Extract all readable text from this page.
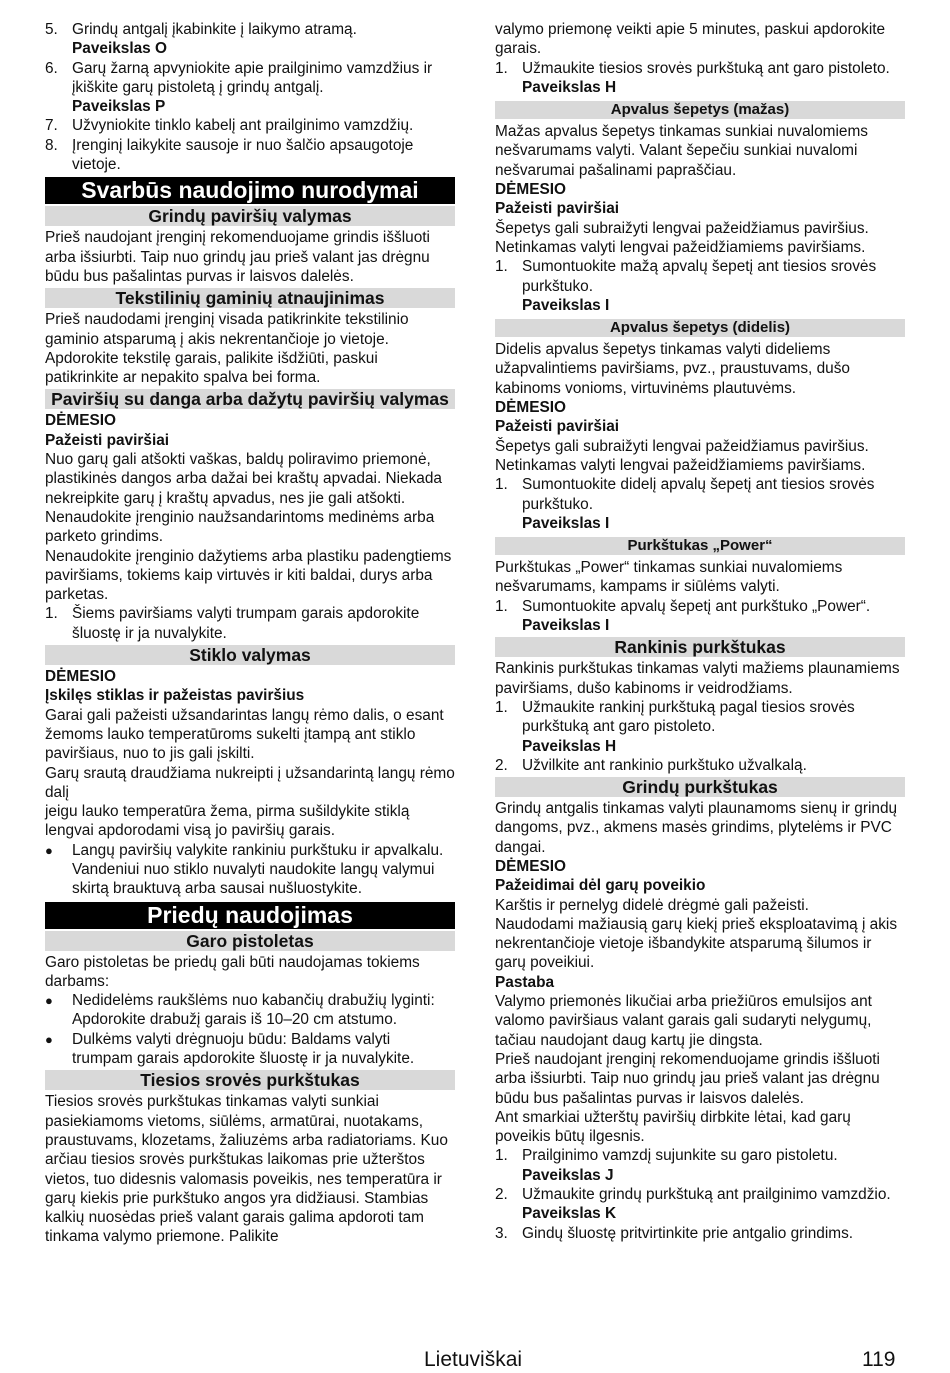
5. Grindų antgalį įkabinkite į laikymo atramą.
Paveikslas O
6. Garų žarną apvyniokite apie prailginimo vamzdžius ir įkiškite garų pistoletą į grindų antgalį.
Paveikslas P
7. Užvyniokite tinklo kabelį ant prailginimo vamzdžių.
8. Įrenginį laikykite sausoje ir nuo šalčio apsaugotoje vietoje.
Svarbūs naudojimo nurodymai
Grindų paviršių valymas

Prieš naudojant įrenginį rekomenduojame grindis iššluoti arba išsiurbti. Taip nuo grindų jau prieš valant jas drėgnu būdu bus pašalintas purvas ir laisvos dalelės.

Tekstilinių gaminių atnaujinimas

Prieš naudodami įrenginį visada patikrinkite tekstilinio gaminio atsparumą į akis nekrentančioje jo vietoje. Apdorokite tekstilę garais, palikite išdžiūti, paskui patikrinkite ar nepakito spalva bei forma.

Paviršių su danga arba dažytų paviršių valymas

DĖMESIO

Pažeisti paviršiai

Nuo garų gali atšokti vaškas, baldų poliravimo priemonė, plastikinės dangos arba dažai bei kraštų apvadai. Niekada nekreipkite garų į kraštų apvadus, nes jie gali atšokti.

Nenaudokite įrenginio naužsandarintoms medinėms arba parketo grindims.

Nenaudokite įrenginio dažytiems arba plastiku padengtiems paviršiams, tokiems kaip virtuvės ir kiti baldai, durys arba parketas.

1. Šiems paviršiams valyti trumpam garais apdorokite šluostę ir ja nuvalykite.
Stiklo valymas

DĖMESIO

Įskilęs stiklas ir pažeistas paviršius

Garai gali pažeisti užsandarintas langų rėmo dalis, o esant žemoms lauko temperatūroms sukelti įtampą ant stiklo paviršiaus, nuo to jis gali įskilti.

Garų srautą draudžiama nukreipti į užsandarintą langų rėmo dalį

jeigu lauko temperatūra žema, pirma sušildykite stiklą lengvai apdorodami visą jo paviršių garais.

●	Langų paviršių valykite rankiniu purkštuku ir apvalkalu. Vandeniui nuo stiklo nuvalyti naudokite langų valymui skirtą brauktuvą arba sausai nušluostykite.
Priedų naudojimas
Garo pistoletas

Garo pistoletas be priedų gali būti naudojamas tokiems darbams:

●	Nedidelėms raukšlėms nuo kabančių drabužių lyginti: Apdorokite drabužį garais iš 10–20 cm atstumo.
●	Dulkėms valyti drėgnuoju būdu: Baldams valyti trumpam garais apdorokite šluostę ir ja nuvalykite.
Tiesios srovės purkštukas

Tiesios srovės purkštukas tinkamas valyti sunkiai pasiekiamoms vietoms, siūlėms, armatūrai, nuotakams, praustuvams, klozetams, žaliuzėms arba radiatoriams. Kuo arčiau tiesios srovės purkštukas laikomas prie užterštos vietos, tuo didesnis valomasis poveikis, nes temperatūra ir garų kiekis prie purkštuko angos yra didžiausi. Stambias kalkių nuosėdas prieš valant garais galima apdoroti tam tinkama valymo priemone. Palikite

valymo priemonę veikti apie 5 minutes, paskui apdorokite garais.

1. Užmaukite tiesios srovės purkštuką ant garo pistoleto.
Paveikslas H
Apvalus šepetys (mažas)

Mažas apvalus šepetys tinkamas sunkiai nuvalomiems nešvarumams valyti. Valant šepečiu sunkiai nuvalomi nešvarumai pašalinami papraščiau.

DĖMESIO

Pažeisti paviršiai

Šepetys gali subraižyti lengvai pažeidžiamus paviršius. Netinkamas valyti lengvai pažeidžiamiems paviršiams.

1. Sumontuokite mažą apvalų šepetį ant tiesios srovės purkštuko.
Paveikslas I
Apvalus šepetys (didelis)

Didelis apvalus šepetys tinkamas valyti dideliems užapvalintiems paviršiams, pvz., praustuvams, dušo kabinoms vonioms, virtuvinėms plautuvėms.

DĖMESIO

Pažeisti paviršiai

Šepetys gali subraižyti lengvai pažeidžiamus paviršius. Netinkamas valyti lengvai pažeidžiamiems paviršiams.

1. Sumontuokite didelį apvalų šepetį ant tiesios srovės purkštuko.
Paveikslas I
Purkštukas „Power“

Purkštukas „Power“ tinkamas sunkiai nuvalomiems nešvarumams, kampams ir siūlėms valyti.

1. Sumontuokite apvalų šepetį ant purkštuko „Power“.
Paveikslas I
Rankinis purkštukas

Rankinis purkštukas tinkamas valyti mažiems plaunamiems paviršiams, dušo kabinoms ir veidrodžiams.

1. Užmaukite rankinį purkštuką pagal tiesios srovės purkštuką ant garo pistoleto.
Paveikslas H
2. Užvilkite ant rankinio purkštuko užvalkalą.
Grindų purkštukas

Grindų antgalis tinkamas valyti plaunamoms sienų ir grindų dangoms, pvz., akmens masės grindims, plytelėms ir PVC dangai.

DĖMESIO

Pažeidimai dėl garų poveikio

Karštis ir pernelyg didelė drėgmė gali pažeisti.

Naudodami mažiausią garų kiekį prieš eksploatavimą į akis nekrentančioje vietoje išbandykite atsparumą šilumos ir garų poveikiui.

Pastaba

Valymo priemonės likučiai arba priežiūros emulsijos ant valomo paviršiaus valant garais gali sudaryti nelygumų, tačiau naudojant daug kartų jie dingsta.

Prieš naudojant įrenginį rekomenduojame grindis iššluoti arba išsiurbti. Taip nuo grindų jau prieš valant jas drėgnu būdu bus pašalintas purvas ir laisvos dalelės.

Ant smarkiai užterštų paviršių dirbkite lėtai, kad garų poveikis būtų ilgesnis.

1. Prailginimo vamzdį sujunkite su garo pistoletu.
Paveikslas J
2. Užmaukite grindų purkštuką ant prailginimo vamzdžio.
Paveikslas K
3. Gindų šluostę pritvirtinkite prie antgalio grindims.
Lietuviškai	119
